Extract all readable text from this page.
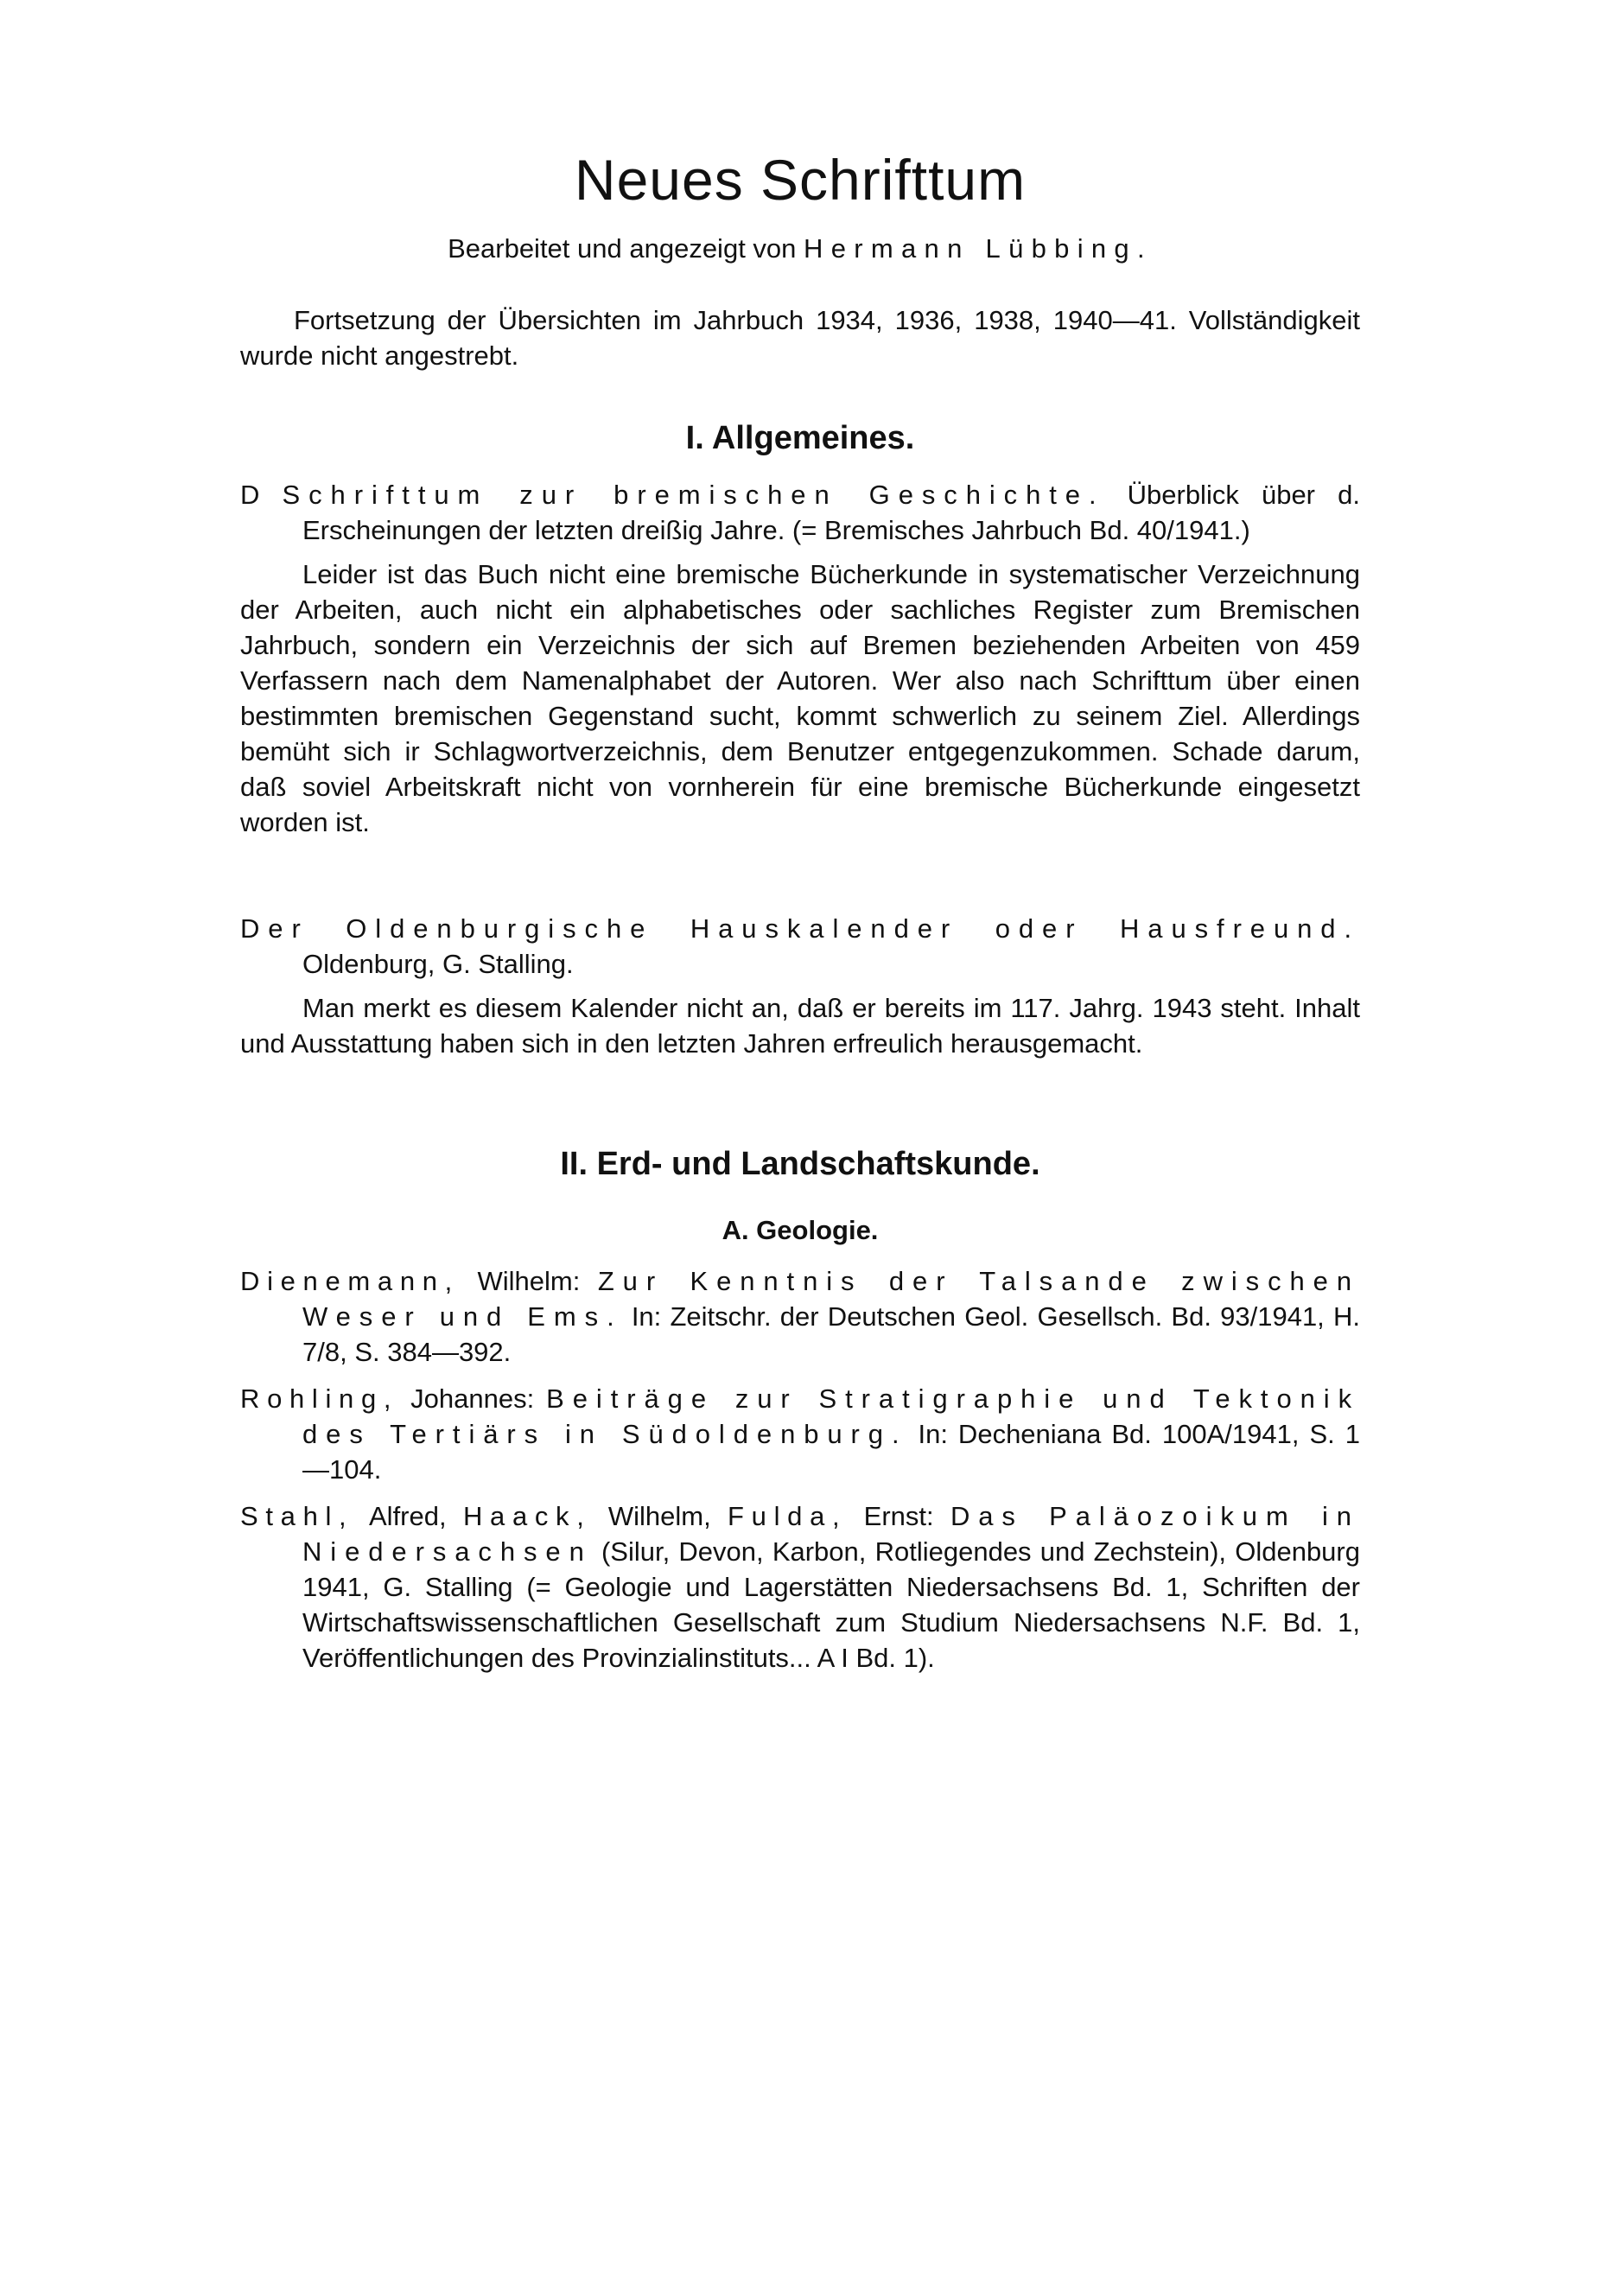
Neues Schrifttum
Bearbeitet und angezeigt von Hermann Lübbing.

Fortsetzung der Übersichten im Jahrbuch 1934, 1936, 1938, 1940—41. Vollständigkeit wurde nicht angestrebt.

I. Allgemeines.

D Schrifttum zur bremischen Geschichte. Überblick über d. Erscheinungen der letzten dreißig Jahre. (= Bremisches Jahrbuch Bd. 40/1941.)

Leider ist das Buch nicht eine bremische Bücherkunde in systematischer Verzeichnung der Arbeiten, auch nicht ein alphabetisches oder sachliches Register zum Bremischen Jahrbuch, sondern ein Verzeichnis der sich auf Bremen beziehenden Arbeiten von 459 Verfassern nach dem Namenalphabet der Autoren. Wer also nach Schrifttum über einen bestimmten bremischen Gegenstand sucht, kommt schwerlich zu seinem Ziel. Allerdings bemüht sich ir Schlagwortverzeichnis, dem Benutzer entgegenzukommen. Schade darum, daß soviel Arbeitskraft nicht von vornherein für eine bremische Bücherkunde eingesetzt worden ist.

Der Oldenburgische Hauskalender oder Hausfreund. Oldenburg, G. Stalling.

Man merkt es diesem Kalender nicht an, daß er bereits im 117. Jahrg. 1943 steht. Inhalt und Ausstattung haben sich in den letzten Jahren erfreulich herausgemacht.

II. Erd- und Landschaftskunde.
A. Geologie.

Dienemann, Wilhelm: Zur Kenntnis der Talsande zwischen Weser und Ems. In: Zeitschr. der Deutschen Geol. Gesellsch. Bd. 93/1941, H. 7/8, S. 384—392.

Rohling, Johannes: Beiträge zur Stratigraphie und Tektonik des Tertiärs in Südoldenburg. In: Decheniana Bd. 100A/1941, S. 1—104.

Stahl, Alfred, Haack, Wilhelm, Fulda, Ernst: Das Paläozoikum in Niedersachsen (Silur, Devon, Karbon, Rotliegendes und Zechstein), Oldenburg 1941, G. Stalling (= Geologie und Lagerstätten Niedersachsens Bd. 1, Schriften der Wirtschaftswissenschaftlichen Gesellschaft zum Studium Niedersachsens N.F. Bd. 1, Veröffentlichungen des Provinzialinstituts... A I Bd. 1).
